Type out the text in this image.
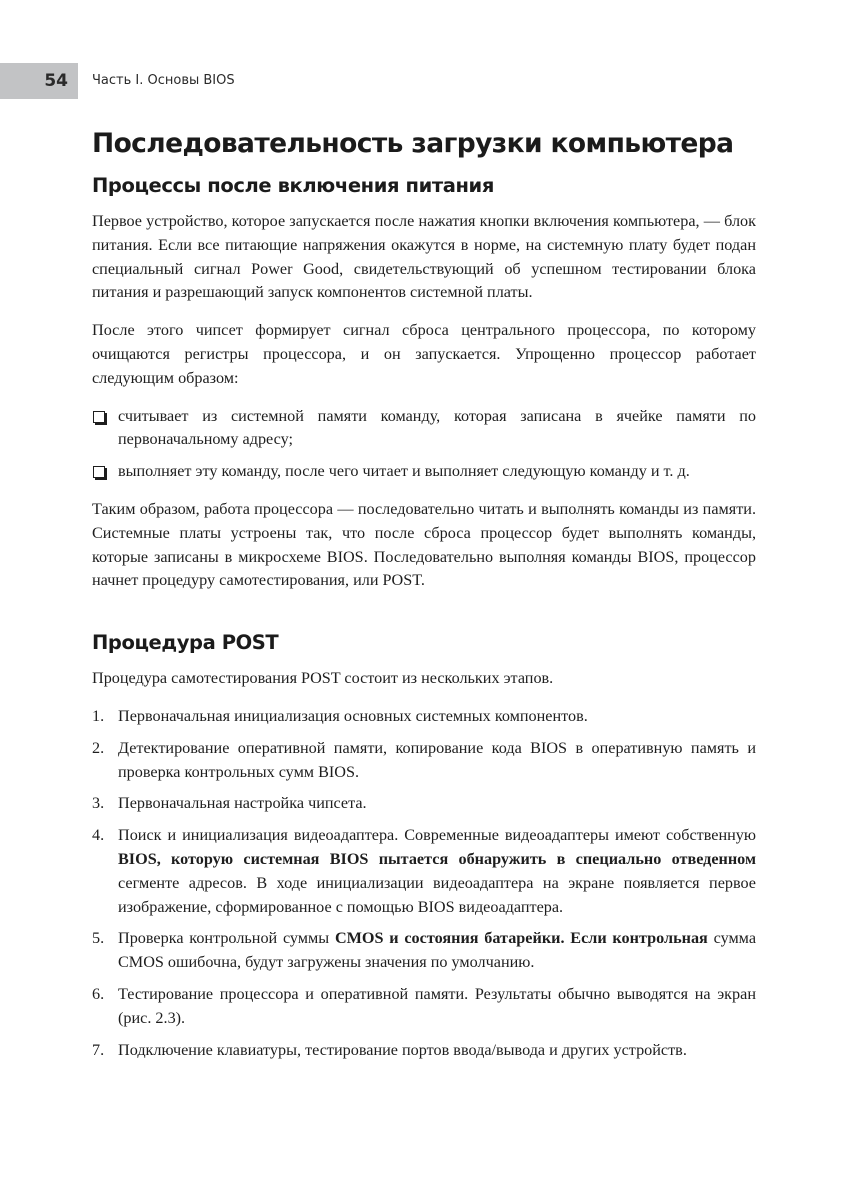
54	Часть I. Основы BIOS
Последовательность загрузки компьютера
Процессы после включения питания

Первое устройство, которое запускается после нажатия кнопки включения компьютера, — блок питания. Если все питающие напряжения окажутся в норме, на системную плату будет подан специальный сигнал Power Good, свидетельствующий об успешном тестировании блока питания и разрешающий запуск компонентов системной платы.

После этого чипсет формирует сигнал сброса центрального процессора, по которому очищаются регистры процессора, и он запускается. Упрощенно процессор работает следующим образом:

считывает из системной памяти команду, которая записана в ячейке памяти по первоначальному адресу;
выполняет эту команду, после чего читает и выполняет следующую команду и т. д.

Таким образом, работа процессора — последовательно читать и выполнять команды из памяти. Системные платы устроены так, что после сброса процессор будет выполнять команды, которые записаны в микросхеме BIOS. Последовательно выполняя команды BIOS, процессор начнет процедуру самотестирования, или POST.

Процедура POST

Процедура самотестирования POST состоит из нескольких этапов.

1. Первоначальная инициализация основных системных компонентов.
2. Детектирование оперативной памяти, копирование кода BIOS в оперативную память и проверка контрольных сумм BIOS.
3. Первоначальная настройка чипсета.
4. Поиск и инициализация видеоадаптера. Современные видеоадаптеры имеют собственную BIOS, которую системная BIOS пытается обнаружить в специально отведенном сегменте адресов. В ходе инициализации видеоадаптера на экране появляется первое изображение, сформированное с помощью BIOS видеоадаптера.
5. Проверка контрольной суммы CMOS и состояния батарейки. Если контрольная сумма CMOS ошибочна, будут загружены значения по умолчанию.
6. Тестирование процессора и оперативной памяти. Результаты обычно выводятся на экран (рис. 2.3).
7. Подключение клавиатуры, тестирование портов ввода/вывода и других устройств.
